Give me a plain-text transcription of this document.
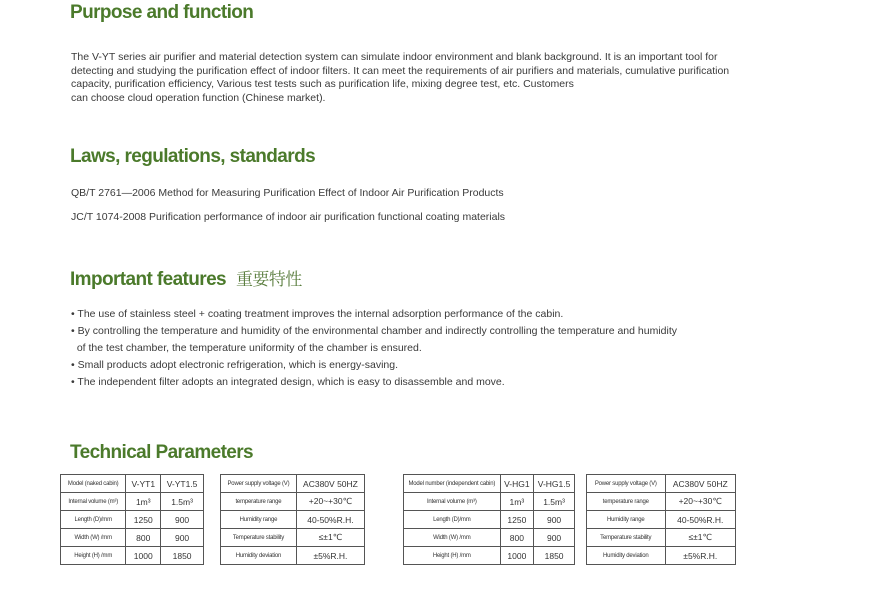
Purpose and function
The V-YT series air purifier and material detection system can simulate indoor environment and blank background. It is an important tool for
detecting and studying the purification effect of indoor filters. It can meet the requirements of air purifiers and materials, cumulative purification
capacity, purification efficiency, Various test tests such as purification life, mixing degree test, etc. Customers
can choose cloud operation function (Chinese market).
Laws, regulations, standards

QB/T 2761—2006 Method for Measuring Purification Effect of Indoor Air Purification Products

JC/T 1074-2008 Purification performance of indoor air purification functional coating materials

Important features 重要特性

• The use of stainless steel + coating treatment improves the internal adsorption performance of the cabin.

• By controlling the temperature and humidity of the environmental chamber and indirectly controlling the temperature and humidity

of the test chamber, the temperature uniformity of the chamber is ensured.

• Small products adopt electronic refrigeration, which is energy-saving.

• The independent filter adopts an integrated design, which is easy to disassemble and move.

Technical Parameters
Model (naked cabin)	V-YT1	V-YT1.5
Internal volume (m³)	1m³	1.5m³
Length (D)/mm	1250	900
Width (W) /mm	800	900
Height (H) /mm	1000	1850
Power supply voltage (V)	AC380V 50HZ
temperature range	+20~+30℃
Humidity range	40-50%R.H.
Temperature stability	≤±1℃
Humidity deviation	±5%R.H.
Model number (independent cabin)	V-HG1	V-HG1.5
Internal volume (m³)	1m³	1.5m³
Length (D)/mm	1250	900
Width (W) /mm	800	900
Height (H) /mm	1000	1850
Power supply voltage (V)	AC380V 50HZ
temperature range	+20~+30℃
Humidity range	40-50%R.H.
Temperature stability	≤±1℃
Humidity deviation	±5%R.H.
